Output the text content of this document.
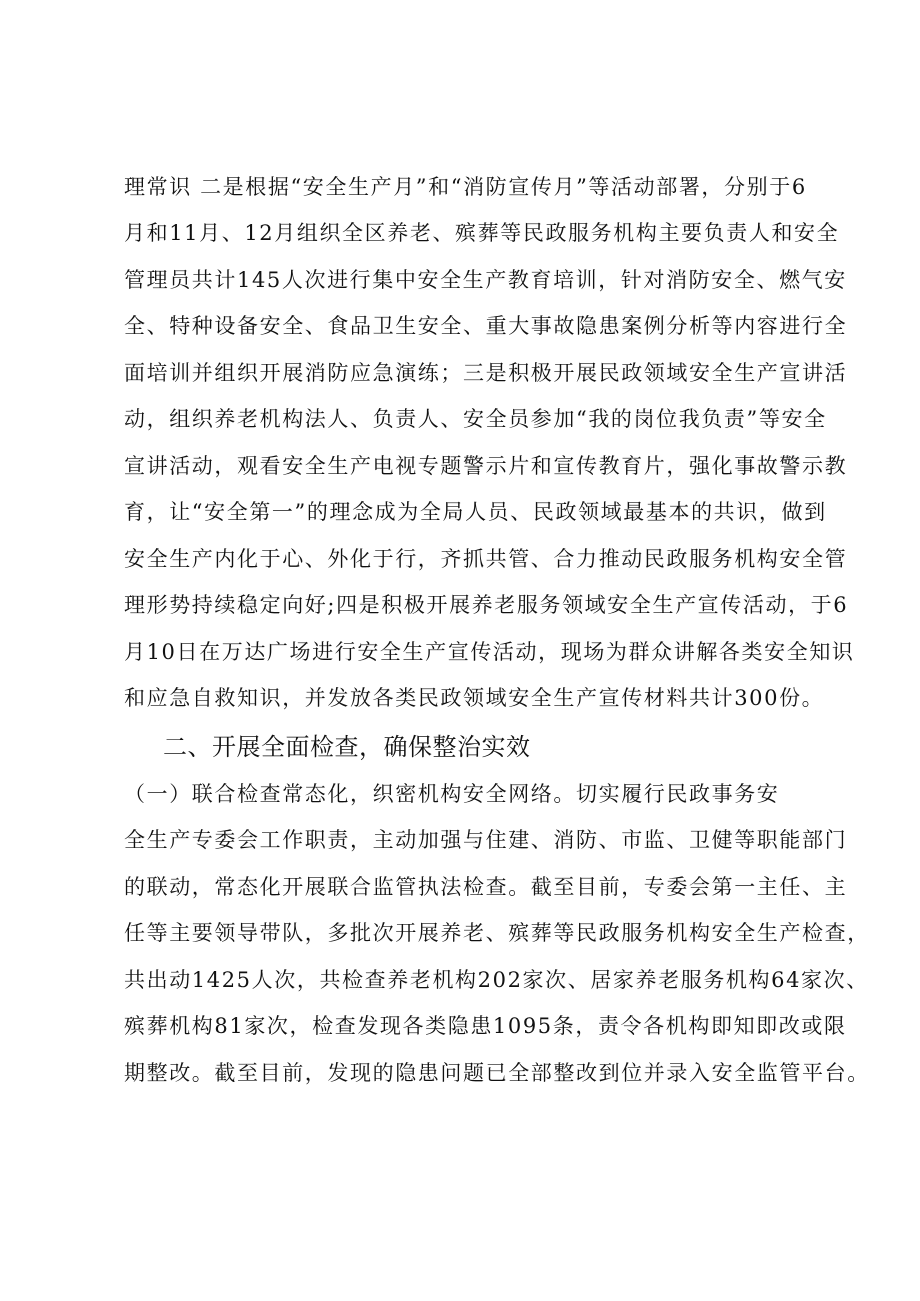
理常识 二是根据“安全生产月”和“消防宣传月”等活动部署，分别于6
月和11月、12月组织全区养老、殡葬等民政服务机构主要负责人和安全
管理员共计145人次进行集中安全生产教育培训，针对消防安全、燃气安
全、特种设备安全、食品卫生安全、重大事故隐患案例分析等内容进行全
面培训并组织开展消防应急演练；三是积极开展民政领域安全生产宣讲活
动，组织养老机构法人、负责人、安全员参加“我的岗位我负责”等安全
宣讲活动，观看安全生产电视专题警示片和宣传教育片，强化事故警示教
育，让“安全第一”的理念成为全局人员、民政领域最基本的共识，做到
安全生产内化于心、外化于行，齐抓共管、合力推动民政服务机构安全管
理形势持续稳定向好;四是积极开展养老服务领域安全生产宣传活动，于6
月10日在万达广场进行安全生产宣传活动，现场为群众讲解各类安全知识
和应急自救知识，并发放各类民政领域安全生产宣传材料共计300份。
二、开展全面检查，确保整治实效
（一）联合检查常态化，织密机构安全网络。切实履行民政事务安
全生产专委会工作职责，主动加强与住建、消防、市监、卫健等职能部门
的联动，常态化开展联合监管执法检查。截至目前，专委会第一主任、主
任等主要领导带队，多批次开展养老、殡葬等民政服务机构安全生产检查，
共出动1425人次，共检查养老机构202家次、居家养老服务机构64家次、
殡葬机构81家次，检查发现各类隐患1095条，责令各机构即知即改或限
期整改。截至目前，发现的隐患问题已全部整改到位并录入安全监管平台。
